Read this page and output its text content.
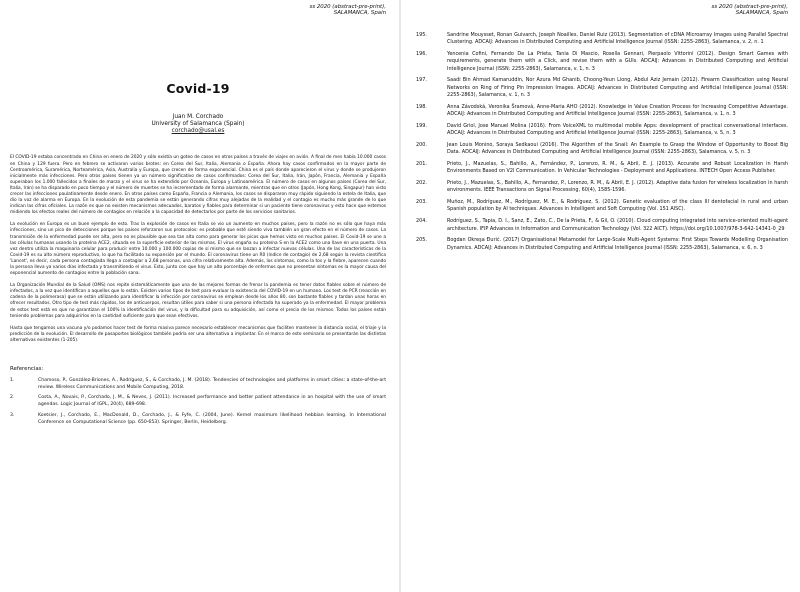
ss 2020 (abstract-pre-print),
SALAMANCA, Spain
Covid-19
Juan M. Corchado
University of Salamanca (Spain)
corchado@usal.es

El COVID-19 estaba concentrado en China en enero de 2020 y sólo existía un goteo de casos en otros países a través de viajes en avión. A final de mes había 10.000 casos en China y 129 fuera. Pero en febrero se activaron varios brotes: en Corea del Sur, Italia, Alemania o España. Ahora hay casos confirmados en la mayor parte de Centroamérica, Suramérica, Norteamérica, Asia, Australia y Europa, que crecen de forma exponencial. China es el país donde aparecieron el virus y donde se produjeron inicialmente más infecciones. Pero otros países tienen ya un número significativo de casos confirmados: Corea del Sur, Italia, Irán, Japón, Francia, Alemania y España superaban los 1.000 fallecidos a finales de marzo y el virus se ha extendido por Oceanía, Europa y Latinoamérica. El número de casos en algunos países (Corea del Sur, Italia, Irán) se ha disparado en poco tiempo y el número de muertes se ha incrementado de forma alarmante, mientras que en otros (Japón, Hong Kong, Singapur) han visto crecer las infecciones paulatinamente desde enero. En otros países como España, Francia o Alemania, los casos se dispararon muy rápido siguiendo la estela de Italia, que dio la voz de alarma en Europa. En la evolución de esta pandemia se están generando cifras muy alejadas de la realidad y el contagio es mucho más grande de lo que indican las cifras oficiales. La razón es que no existen mecanismos adecuados, baratos y fiables para determinar si un paciente tiene coronavirus y esto hace que estemos midiendo los efectos reales del número de contagios en relación a la capacidad de detectarlos por parte de los servicios sanitarios.

La evolución en Europa es un buen ejemplo de esto. Tras la explosión de casos en Italia se vio un aumento en muchos países, pero la razón no es sólo que haya más infecciones, sino un pico de detecciones porque los países reforzaron sus protocolos: es probable que esté siendo viva también un gran efecto en el número de casos. La transmisión de la enfermedad puede ser alta, pero no es plausible que sea tan alta como para generar los picos que hemos visto en muchos países. El Covid-19 se une a las células humanas usando la proteína ACE2, situada en la superficie exterior de las mismas. El virus engaña su proteína S en la ACE2 como una llave en una puerta. Una vez dentro utiliza la maquinaria celular para producir entre 10.000 y 100.000 copias de sí mismo que se lanzan a infectar nuevas células. Una de las características de la Covid-19 es su alto número reproductivo, lo que ha facilitado su expansión por el mundo. El coronavirus tiene un R0 (índice de contagio) de 2,68 según la revista científica 'Lancet', es decir, cada persona contagiada llega a contagiar a 2,68 personas, una cifra relativamente alta. Además, los síntomas, como la tos y la fiebre, aparecen cuando la persona lleva ya varios días infectada y transmitiendo el virus. Esto, junto con que hay un alto porcentaje de enfermos que no presentan síntomas es la mayor causa del exponencial aumento de contagios entre la población sana.

La Organización Mundial de la Salud (OMS) nos repite sistemáticamente que una de las mejores formas de frenar la pandemia es tener datos fiables sobre el número de infectados, a la vez que identifican a aquellos que lo están. Existen varios tipos de test para evaluar la existencia del COVID-19 en un humano. Los test de PCR (reacción en cadena de la polimerasa) que se están utilizando para identificar la infección por coronavirus se emplean desde los años 80, son bastante fiables y tardan unas horas en ofrecer resultados. Otro tipo de test más rápidos, los de anticuerpos, resultan útiles para saber si una persona infectada ha superado ya la enfermedad. El mayor problema de estos test está en que no garantizan el 100% la identificación del virus, y la dificultad para su adquisición, así como el precio de los mismos. Todos los países están teniendo problemas para adquirirlos en la cantidad suficiente para que sean efectivos.

Hasta que tengamos una vacuna y/o podamos hacer test de forma masiva parece necesario establecer mecanismos que faciliten mantener la distancia social, el triaje y la predicción de la evolución. El desarrollo de pasaportes biológicos también podría ser una alternativa a implantar. En el marco de este seminario se presentarán las distintas alternativas existentes (1-205).

Referencias:
1.	Chamoso, P., González-Briones, A., Rodríguez, S., & Corchado, J. M. (2018). Tendencies of technologies and platforms in smart cities: a state-of-the-art review. Wireless Communications and Mobile Computing, 2018.
2.	Costa, A., Novais, P., Corchado, J. M., & Neves, J. (2011). Increased performance and better patient attendance in an hospital with the use of smart agendas. Logic Journal of IGPL, 20(4), 689-698.
3.	Koetsier, J., Corchado, E., MacDonald, D., Corchado, J., & Fyfe, C. (2004, June). Kernel maximum likelihood hebbian learning. In International Conference on Computational Science (pp. 650-653). Springer, Berlin, Heidelberg.
ss 2020 (abstract-pre-print),
SALAMANCA, Spain
195.	Sandrine Mouysset, Ronan Guivarch, Joseph Noailles, Daniel Ruiz (2013). Segmentation of cDNA Microarray Images using Parallel Spectral Clustering. ADCAIJ: Advances in Distributed Computing and Artificial Intelligence Journal (ISSN: 2255-2863), Salamanca, v. 2, n. 1
196.	Yencenia Cofini, Fernando De La Prieta, Tania Di Mascio, Rosella Gennari, Pierpaolo Vittorini (2012). Design Smart Games with requirements, generate them with a Click, and revise them with a GUIs. ADCAIJ: Advances in Distributed Computing and Artificial Intelligence Journal (ISSN: 2255-2863), Salamanca, v. 1, n. 3
197.	Saadi Bin Ahmad Kamaruddin, Nor Azura Md Ghanib, Choong-Yeun Liong, Abdul Aziz Jemain (2012). Firearm Classification using Neural Networks on Ring of Firing Pin Impression Images. ADCAIJ: Advances in Distributed Computing and Artificial Intelligence Journal (ISSN: 2255-2863), Salamanca, v. 1, n. 3
198.	Anna Závodská, Veronika Šramová, Anne-Maria AHO (2012). Knowledge in Value Creation Process for Increasing Competitive Advantage. ADCAIJ: Advances in Distributed Computing and Artificial Intelligence Journal (ISSN: 2255-2863), Salamanca, v. 1, n. 3
199.	David Griol, Jose Manuel Molina (2016). From VoiceXML to multimodal mobile Apps: development of practical conversational interfaces. ADCAIJ: Advances in Distributed Computing and Artificial Intelligence Journal (ISSN: 2255-2863), Salamanca, v. 5, n. 3
200.	Jean Louis Monino, Soraya Sedkaoui (2016). The Algorithm of the Snail: An Example to Grasp the Window of Opportunity to Boost Big Data. ADCAIJ: Advances in Distributed Computing and Artificial Intelligence Journal (ISSN: 2255-2863), Salamanca, v. 5, n. 3
201.	Prieto, J., Mazuelas, S., Bahillo, A., Fernández, P., Lorenzo, R. M., & Abril, E. J. (2013). Accurate and Robust Localization in Harsh Environments Based on V2I Communication. In Vehicular Technologies - Deployment and Applications. INTECH Open Access Publisher.
202.	Prieto, J., Mazuelas, S., Bahillo, A., Fernandez, P., Lorenzo, R. M., & Abril, E. J. (2012). Adaptive data fusion for wireless localization in harsh environments. IEEE Transactions on Signal Processing, 60(4), 1585-1596.
203.	Muñoz, M., Rodríguez, M., Rodríguez, M. E., & Rodríguez, S. (2012). Genetic evaluation of the class III dentofacial in rural and urban Spanish population by AI techniques. Advances in Intelligent and Soft Computing (Vol. 151 AISC).
204.	Rodríguez, S., Tapia, D. I., Sanz, E., Zato, C., De la Prieta, F., & Gil, O. (2010). Cloud computing integrated into service-oriented multi-agent architecture. IFIP Advances in Information and Communication Technology (Vol. 322 AICT). https://doi.org/10.1007/978-3-642-14341-0_29
205.	Bogdan Okreşa Đurić. (2017) Organisational Metamodel for Large-Scale Multi-Agent Systems: First Steps Towards Modelling Organisation Dynamics. ADCAIJ: Advances in Distributed Computing and Artificial Intelligence Journal (ISSN: 2255-2863), Salamanca, v. 6, n. 3
